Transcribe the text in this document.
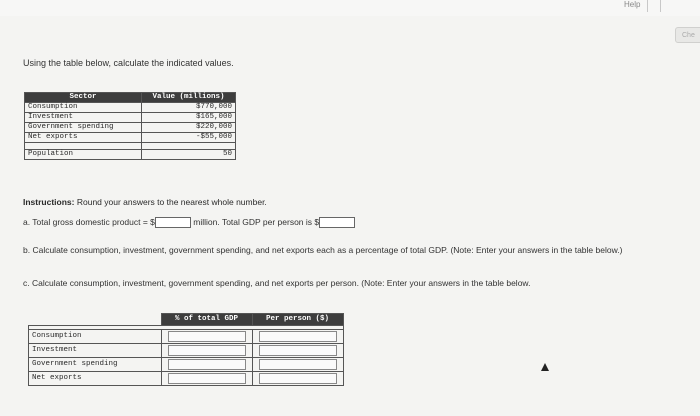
Help
Che
Using the table below, calculate the indicated values.
Sector	Value (millions)
Consumption	$770,000
Investment	$165,000
Government spending	$220,000
Net exports	-$55,000

Population	50
Instructions: Round your answers to the nearest whole number.
a. Total gross domestic product = $	million. Total GDP per person is $
b. Calculate consumption, investment, government spending, and net exports each as a percentage of total GDP. (Note: Enter your answers in the table below.)
c. Calculate consumption, investment, government spending, and net exports per person. (Note: Enter your answers in the table below.
	% of total GDP	Per person ($)

Consumption	

Investment	

Government spending	

Net exports	
